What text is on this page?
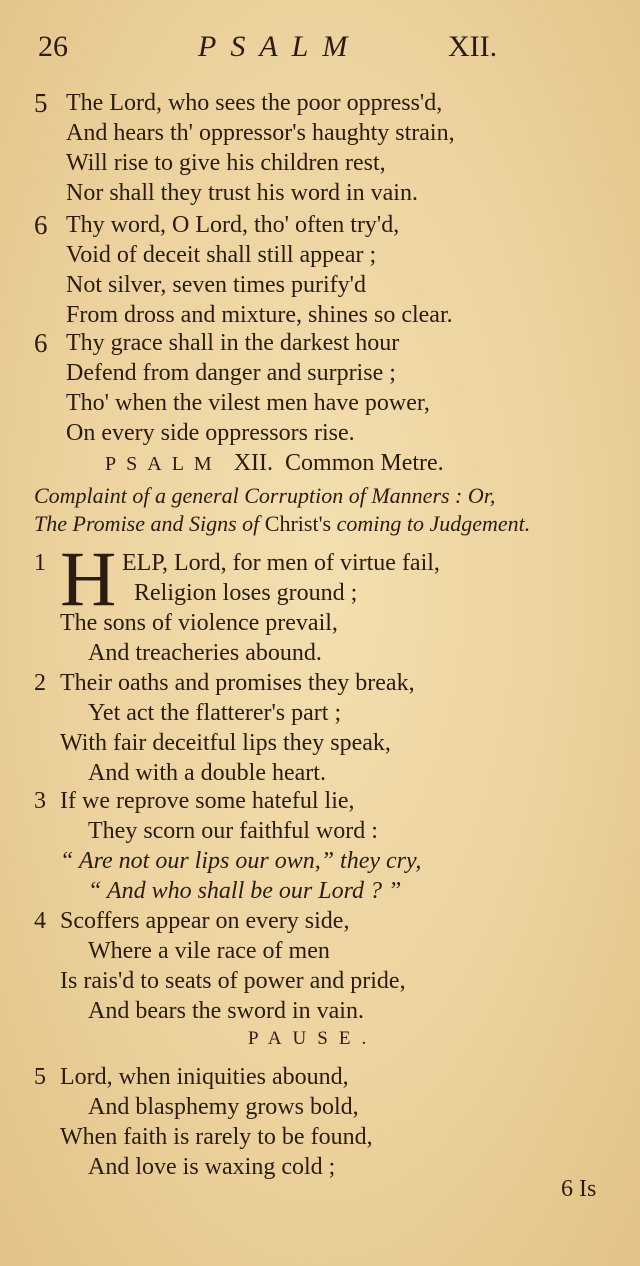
26	PSALM	XII.
5 The Lord, who sees the poor oppress'd,
And hears th' oppressor's haughty strain,
Will rise to give his children rest,
Nor shall they trust his word in vain.
6 Thy word, O Lord, tho' often try'd,
Void of deceit shall still appear ;
Not silver, seven times purify'd
From dross and mixture, shines so clear.
6 Thy grace shall in the darkest hour
Defend from danger and surprise ;
Tho' when the vilest men have power,
On every side oppressors rise.
PSALM XII. Common Metre.
Complaint of a general Corruption of Manners : Or,
The Promise and Signs of Christ's coming to Judgement.
H
1	ELP, Lord, for men of virtue fail,
Religion loses ground ;
The sons of violence prevail,
And treacheries abound.
2 Their oaths and promises they break,
Yet act the flatterer's part ;
With fair deceitful lips they speak,
And with a double heart.
3 If we reprove some hateful lie,
They scorn our faithful word :
“ Are not our lips our own,” they cry,
“ And who shall be our Lord ? ”
4 Scoffers appear on every side,
Where a vile race of men
Is rais'd to seats of power and pride,
And bears the sword in vain.
PAUSE.
5 Lord, when iniquities abound,
And blasphemy grows bold,
When faith is rarely to be found,
And love is waxing cold ;
6 Is
